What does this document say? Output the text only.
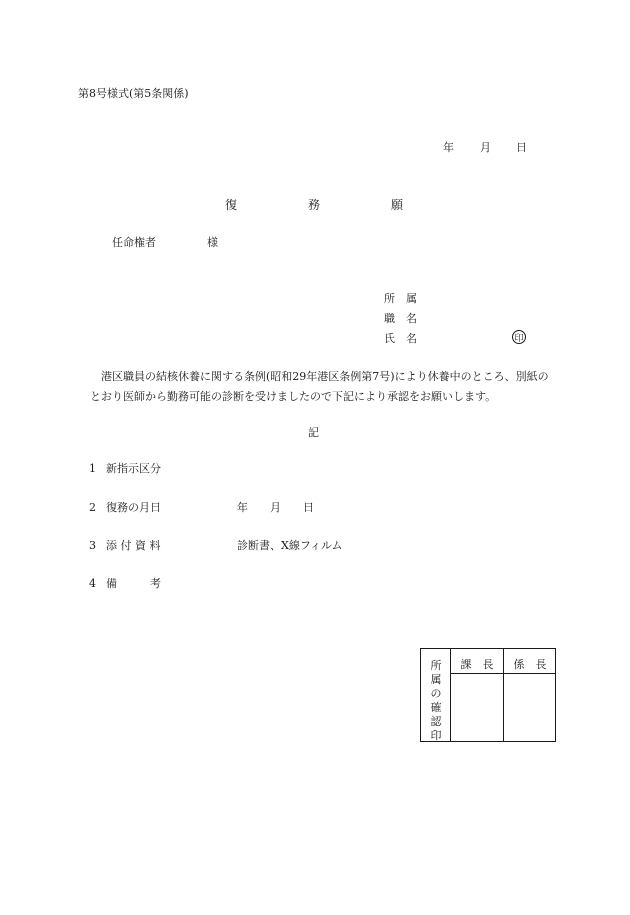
第8号様式(第5条関係)
年 月 日
復	務	願
任命権者	様
所　属
職　名
氏　名	印
港区職員の結核休養に関する条例(昭和29年港区条例第7号)により休養中のところ、別紙のとおり医師から勤務可能の診断を受けましたので下記により承認をお願いします。
記
1 新指示区分
2 復務の月日	年　　月　　日
3 添 付 資 料	診断書、X線フィルム
4 備　　　考
所属の確認印
課　長	係　長
